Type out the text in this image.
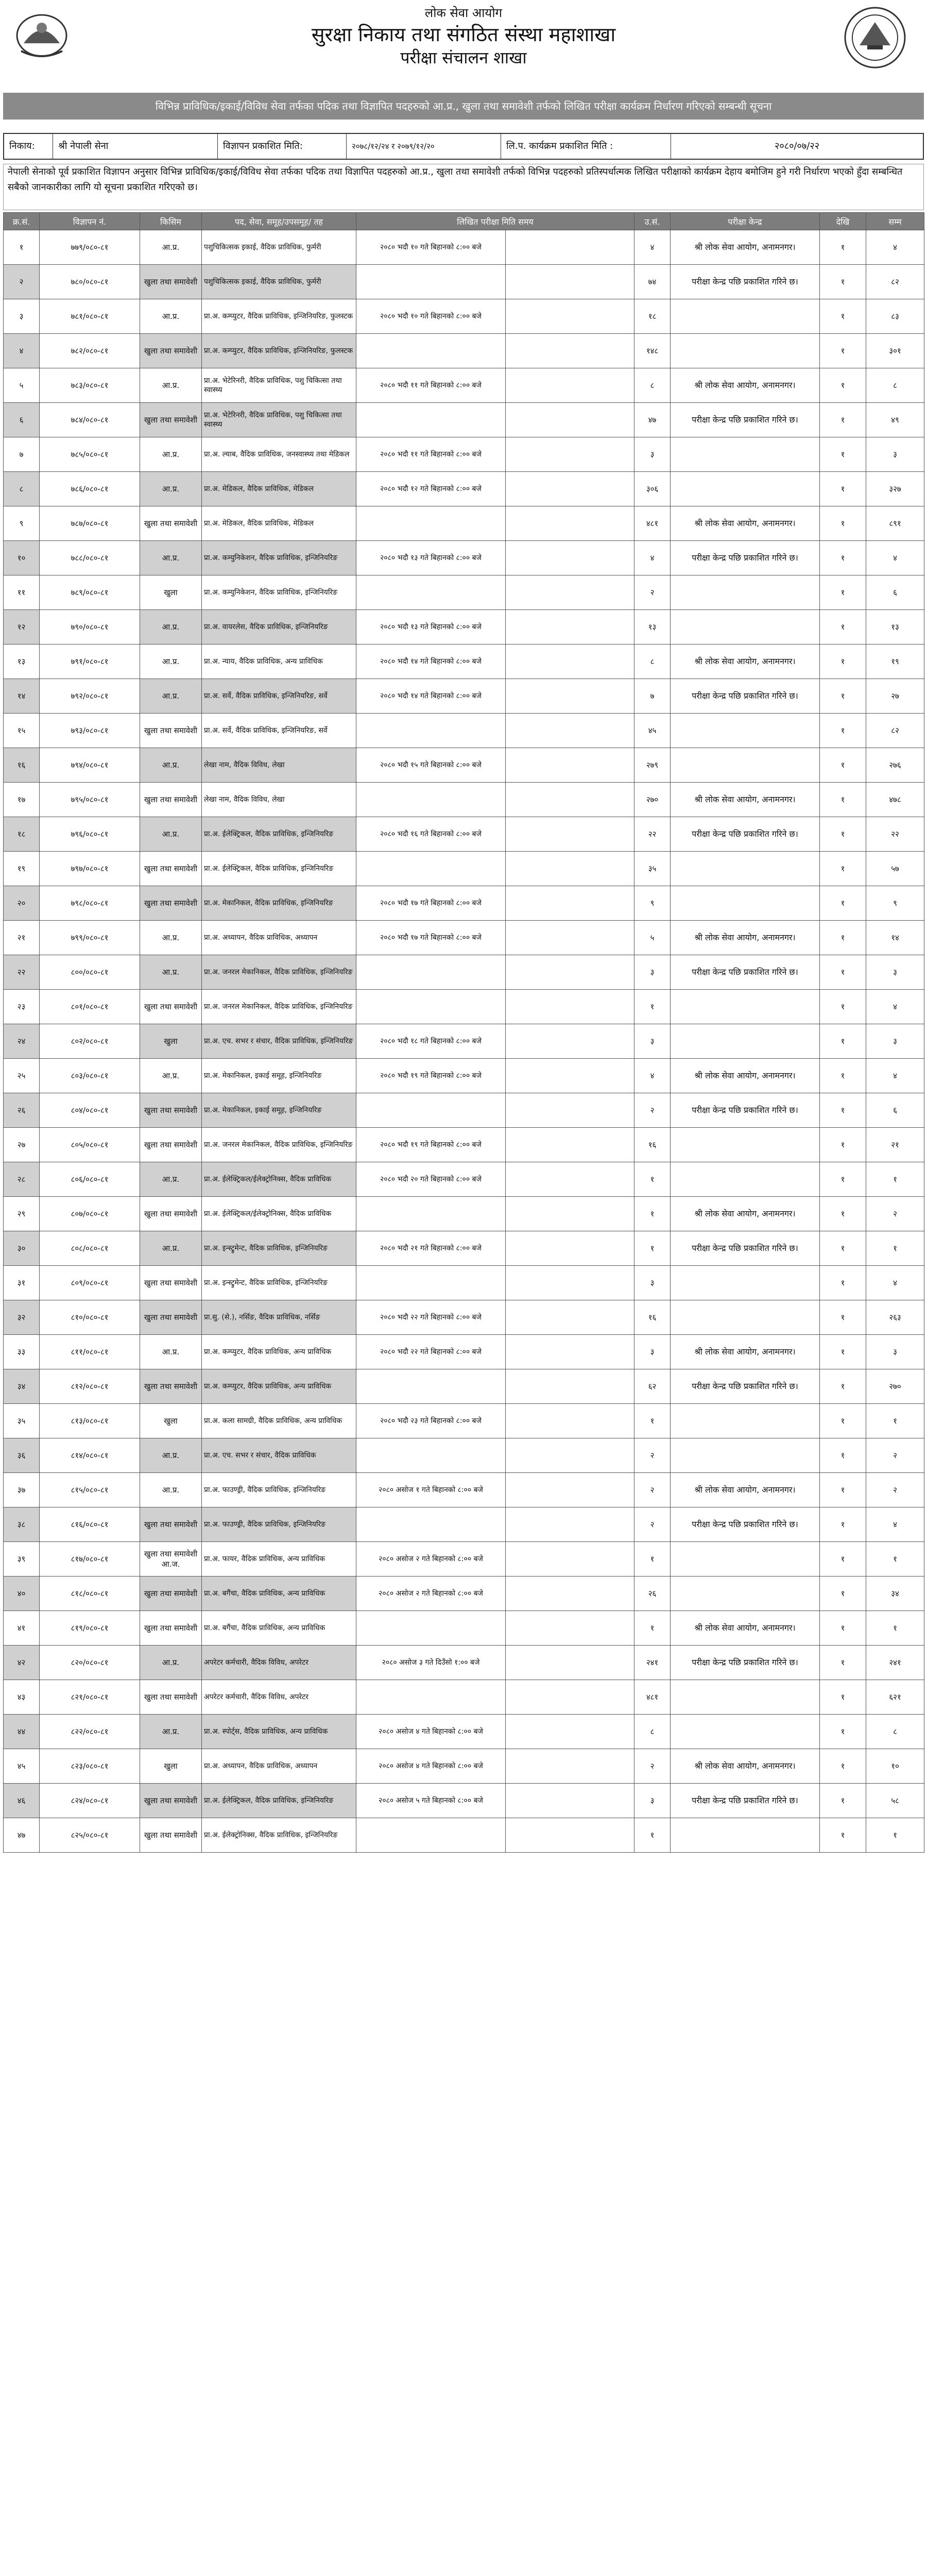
लोक सेवा आयोग
सुरक्षा निकाय तथा संगठित संस्था महाशाखा
परीक्षा संचालन शाखा
विभिन्न प्राविधिक/इकाई/विविध सेवा तर्फका पदिक तथा विज्ञापित पदहरुको आ.प्र., खुला तथा समावेशी तर्फको लिखित परीक्षा कार्यक्रम निर्धारण गरिएको सम्बन्धी सूचना
निकाय:	श्री नेपाली सेना	विज्ञापन प्रकाशित मिति:	२०७८/१२/२४ र २०७९/१२/२०	लि.प. कार्यक्रम प्रकाशित मिति :	२०८०/०७/२२
नेपाली सेनाको पूर्व प्रकाशित विज्ञापन अनुसार विभिन्न प्राविधिक/इकाई/विविध सेवा तर्फका पदिक तथा विज्ञापित पदहरुको आ.प्र., खुला तथा समावेशी तर्फको विभिन्न पदहरुको प्रतिस्पर्धात्मक लिखित परीक्षाको कार्यक्रम देहाय बमोजिम हुने गरी निर्धारण भएको हुँदा सम्बन्धित सबैको जानकारीका लागि यो सूचना प्रकाशित गरिएको छ।
क्र.सं.	विज्ञापन नं.	किसिम	पद, सेवा, समूह/उपसमूह/ तह	लिखित परीक्षा मिति समय		उ.सं.	परीक्षा केन्द्र	देखि	सम्म
१	७७९/०८०-८१	आ.प्र.	पशुचिकित्सक इकाई, वैदिक प्राविधिक, फुर्मरी	२०८० भदौ १० गते बिहानको ८:०० बजे		४	श्री लोक सेवा आयोग, अनामनगर।	१	४
२	७८०/०८०-८१	खुला तथा समावेशी	पशुचिकित्सक इकाई, वैदिक प्राविधिक, फुर्मरी			७४	परीक्षा केन्द्र पछि प्रकाशित गरिने छ।	१	८२
३	७८१/०८०-८१	आ.प्र.	प्रा.अ. कम्प्युटर, वैदिक प्राविधिक, इन्जिनियरिङ, फुलस्टक	२०८० भदौ १० गते बिहानको ८:०० बजे		१८		१	८३
४	७८२/०८०-८१	खुला तथा समावेशी	प्रा.अ. कम्प्युटर, वैदिक प्राविधिक, इन्जिनियरिङ, फुलस्टक			१४८		१	३०१
५	७८३/०८०-८१	आ.प्र.	प्रा.अ. भेटेरिनरी, वैदिक प्राविधिक, पशु चिकित्सा तथा स्वास्थ्य	२०८० भदौ ११ गते बिहानको ८:०० बजे		८	श्री लोक सेवा आयोग, अनामनगर।	१	८
६	७८४/०८०-८१	खुला तथा समावेशी	प्रा.अ. भेटेरिनरी, वैदिक प्राविधिक, पशु चिकित्सा तथा स्वास्थ्य			४७	परीक्षा केन्द्र पछि प्रकाशित गरिने छ।	१	४९
७	७८५/०८०-८१	आ.प्र.	प्रा.अ. ल्याब, वैदिक प्राविधिक, जनस्वास्थ्य तथा मेडिकल	२०८० भदौ ११ गते बिहानको ८:०० बजे		३		१	३
८	७८६/०८०-८१	आ.प्र.	प्रा.अ. मेडिकल, वैदिक प्राविधिक, मेडिकल	२०८० भदौ १२ गते बिहानको ८:०० बजे		३०६		१	३२७
९	७८७/०८०-८१	खुला तथा समावेशी	प्रा.अ. मेडिकल, वैदिक प्राविधिक, मेडिकल			४८१	श्री लोक सेवा आयोग, अनामनगर।	१	८९१
१०	७८८/०८०-८१	आ.प्र.	प्रा.अ. कम्युनिकेशन, वैदिक प्राविधिक, इन्जिनियरिङ	२०८० भदौ १३ गते बिहानको ८:०० बजे		४	परीक्षा केन्द्र पछि प्रकाशित गरिने छ।	१	४
११	७८९/०८०-८१	खुला	प्रा.अ. कम्युनिकेशन, वैदिक प्राविधिक, इन्जिनियरिङ			२		१	६
१२	७९०/०८०-८१	आ.प्र.	प्रा.अ. वायरलेस, वैदिक प्राविधिक, इन्जिनियरिङ	२०८० भदौ १३ गते बिहानको ८:०० बजे		१३		१	१३
१३	७९१/०८०-८१	आ.प्र.	प्रा.अ. न्याय, वैदिक प्राविधिक, अन्य प्राविधिक	२०८० भदौ १४ गते बिहानको ८:०० बजे		८	श्री लोक सेवा आयोग, अनामनगर।	१	१९
१४	७९२/०८०-८१	आ.प्र.	प्रा.अ. सर्वे, वैदिक प्राविधिक, इन्जिनियरिङ, सर्वे	२०८० भदौ १४ गते बिहानको ८:०० बजे		७	परीक्षा केन्द्र पछि प्रकाशित गरिने छ।	१	२७
१५	७९३/०८०-८१	खुला तथा समावेशी	प्रा.अ. सर्वे, वैदिक प्राविधिक, इन्जिनियरिङ, सर्वे			४५		१	८२
१६	७९४/०८०-८१	आ.प्र.	लेखा नाम, वैदिक विविध, लेखा	२०८० भदौ १५ गते बिहानको ८:०० बजे		२७९		१	२७६
१७	७९५/०८०-८१	खुला तथा समावेशी	लेखा नाम, वैदिक विविध, लेखा			२७०	श्री लोक सेवा आयोग, अनामनगर।	१	४७८
१८	७९६/०८०-८१	आ.प्र.	प्रा.अ. ईलेक्ट्रिकल, वैदिक प्राविधिक, इन्जिनियरिङ	२०८० भदौ १६ गते बिहानको ८:०० बजे		२२	परीक्षा केन्द्र पछि प्रकाशित गरिने छ।	१	२२
१९	७९७/०८०-८१	खुला तथा समावेशी	प्रा.अ. ईलेक्ट्रिकल, वैदिक प्राविधिक, इन्जिनियरिङ			३५		१	५७
२०	७९८/०८०-८१	खुला तथा समावेशी	प्रा.अ. मेकानिकल, वैदिक प्राविधिक, इन्जिनियरिङ	२०८० भदौ १७ गते बिहानको ८:०० बजे		९		१	९
२१	७९९/०८०-८१	आ.प्र.	प्रा.अ. अध्यापन, वैदिक प्राविधिक, अध्यापन	२०८० भदौ १७ गते बिहानको ८:०० बजे		५	श्री लोक सेवा आयोग, अनामनगर।	१	१४
२२	८००/०८०-८१	आ.प्र.	प्रा.अ. जनरल मेकानिकल, वैदिक प्राविधिक, इन्जिनियरिङ			३	परीक्षा केन्द्र पछि प्रकाशित गरिने छ।	१	३
२३	८०१/०८०-८१	खुला तथा समावेशी	प्रा.अ. जनरल मेकानिकल, वैदिक प्राविधिक, इन्जिनियरिङ			१		१	४
२४	८०२/०८०-८१	खुला	प्रा.अ. एच. सभर र संचार, वैदिक प्राविधिक, इन्जिनियरिङ	२०८० भदौ १८ गते बिहानको ८:०० बजे		३		१	३
२५	८०३/०८०-८१	आ.प्र.	प्रा.अ. मेकानिकल, इकाई समूह, इन्जिनियरिङ	२०८० भदौ १९ गते बिहानको ८:०० बजे		४	श्री लोक सेवा आयोग, अनामनगर।	१	४
२६	८०४/०८०-८१	खुला तथा समावेशी	प्रा.अ. मेकानिकल, इकाई समूह, इन्जिनियरिङ			२	परीक्षा केन्द्र पछि प्रकाशित गरिने छ।	१	६
२७	८०५/०८०-८१	खुला तथा समावेशी	प्रा.अ. जनरल मेकानिकल, वैदिक प्राविधिक, इन्जिनियरिङ	२०८० भदौ १९ गते बिहानको ८:०० बजे		१६		१	२१
२८	८०६/०८०-८१	आ.प्र.	प्रा.अ. ईलेक्ट्रिकल/ईलेक्ट्रोनिक्स, वैदिक प्राविधिक	२०८० भदौ २० गते बिहानको ८:०० बजे		१		१	१
२९	८०७/०८०-८१	खुला तथा समावेशी	प्रा.अ. ईलेक्ट्रिकल/ईलेक्ट्रोनिक्स, वैदिक प्राविधिक			१	श्री लोक सेवा आयोग, अनामनगर।	१	२
३०	८०८/०८०-८१	आ.प्र.	प्रा.अ. इन्स्ट्रुमेन्ट, वैदिक प्राविधिक, इन्जिनियरिङ	२०८० भदौ २१ गते बिहानको ८:०० बजे		१	परीक्षा केन्द्र पछि प्रकाशित गरिने छ।	१	१
३१	८०९/०८०-८१	खुला तथा समावेशी	प्रा.अ. इन्स्ट्रुमेन्ट, वैदिक प्राविधिक, इन्जिनियरिङ			३		१	४
३२	८१०/०८०-८१	खुला तथा समावेशी	प्रा.सु. (से.), नर्सिङ, वैदिक प्राविधिक, नर्सिङ	२०८० भदौ २२ गते बिहानको ८:०० बजे		१६		१	२६३
३३	८११/०८०-८१	आ.प्र.	प्रा.अ. कम्प्युटर, वैदिक प्राविधिक, अन्य प्राविधिक	२०८० भदौ २२ गते बिहानको ८:०० बजे		३	श्री लोक सेवा आयोग, अनामनगर।	१	३
३४	८१२/०८०-८१	खुला तथा समावेशी	प्रा.अ. कम्प्युटर, वैदिक प्राविधिक, अन्य प्राविधिक			६२	परीक्षा केन्द्र पछि प्रकाशित गरिने छ।	१	२७०
३५	८१३/०८०-८१	खुला	प्रा.अ. कला सामग्री, वैदिक प्राविधिक, अन्य प्राविधिक	२०८० भदौ २३ गते बिहानको ८:०० बजे		१		१	१
३६	८१४/०८०-८१	आ.प्र.	प्रा.अ. एच. सभर र संचार, वैदिक प्राविधिक			२		१	२
३७	८१५/०८०-८१	आ.प्र.	प्रा.अ. फाउण्ड्री, वैदिक प्राविधिक, इन्जिनियरिङ	२०८० असोज १ गते बिहानको ८:०० बजे		२	श्री लोक सेवा आयोग, अनामनगर।	१	२
३८	८१६/०८०-८१	खुला तथा समावेशी	प्रा.अ. फाउण्ड्री, वैदिक प्राविधिक, इन्जिनियरिङ			२	परीक्षा केन्द्र पछि प्रकाशित गरिने छ।	१	४
३९	८१७/०८०-८१	खुला तथा समावेशी आ.ज.	प्रा.अ. फायर, वैदिक प्राविधिक, अन्य प्राविधिक	२०८० असोज २ गते बिहानको ८:०० बजे		१		१	१
४०	८१८/०८०-८१	खुला तथा समावेशी	प्रा.अ. बगैंचा, वैदिक प्राविधिक, अन्य प्राविधिक	२०८० असोज २ गते बिहानको ८:०० बजे		२६		१	३४
४१	८१९/०८०-८१	खुला तथा समावेशी	प्रा.अ. बगैंचा, वैदिक प्राविधिक, अन्य प्राविधिक			१	श्री लोक सेवा आयोग, अनामनगर।	१	१
४२	८२०/०८०-८१	आ.प्र.	अपरेटर कर्मचारी, वैदिक विविध, अपरेटर	२०८० असोज ३ गते दिउँसो १:०० बजे		२४१	परीक्षा केन्द्र पछि प्रकाशित गरिने छ।	१	२४१
४३	८२१/०८०-८१	खुला तथा समावेशी	अपरेटर कर्मचारी, वैदिक विविध, अपरेटर			४८१		१	६२१
४४	८२२/०८०-८१	आ.प्र.	प्रा.अ. स्पोर्ट्स, वैदिक प्राविधिक, अन्य प्राविधिक	२०८० असोज ४ गते बिहानको ८:०० बजे		८		१	८
४५	८२३/०८०-८१	खुला	प्रा.अ. अध्यापन, वैदिक प्राविधिक, अध्यापन	२०८० असोज ४ गते बिहानको ८:०० बजे		२	श्री लोक सेवा आयोग, अनामनगर।	१	१०
४६	८२४/०८०-८१	खुला तथा समावेशी	प्रा.अ. ईलेक्ट्रिकल, वैदिक प्राविधिक, इन्जिनियरिङ	२०८० असोज ५ गते बिहानको ८:०० बजे		३	परीक्षा केन्द्र पछि प्रकाशित गरिने छ।	१	५८
४७	८२५/०८०-८१	खुला तथा समावेशी	प्रा.अ. ईलेक्ट्रोनिक्स, वैदिक प्राविधिक, इन्जिनियरिङ			१		१	१
